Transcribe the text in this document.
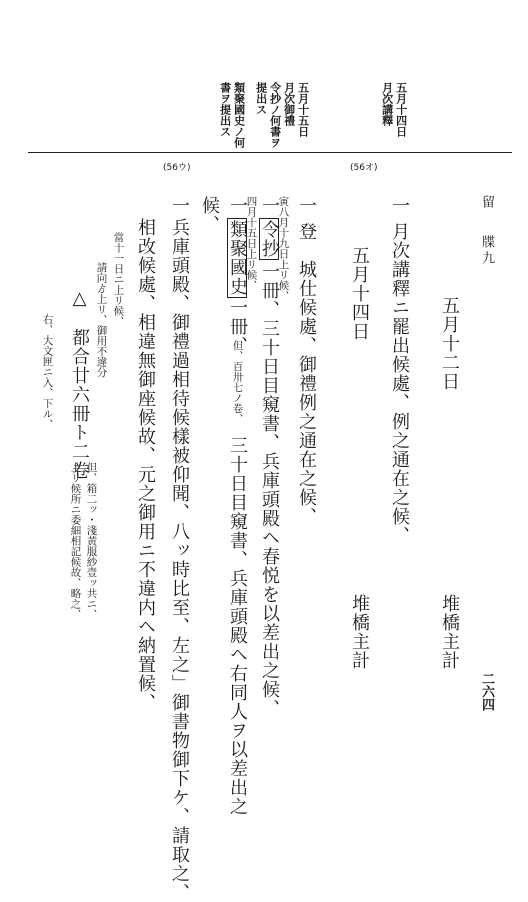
五月十四日
月次講釋
五月十五日
月次御禮
令抄ノ何書ヲ
提出ス
類聚國史ノ何
書ヲ提出ス
(56ウ)	(56オ)
留
牒九
二六四
五月十二日
堆橋主計
一
月次講釋ニ罷出候處、例之通在之候、
五月十四日
堆橋主計
一
登　城仕候處、御禮例之通在之候、
寅八月十九日上リ候、
一
令抄
一冊、三十日目窺書、兵庫頭殿ヘ春悦を以差出之候、
四月十五日上リ候、
一
類聚國史
一冊、
但、百卅七ノ卷、
三十日目窺書、兵庫頭殿ヘ右同人ヲ以差出之
候、
一
兵庫頭殿、御禮過相待候樣被仰聞、八ッ時比至、左之」御書物御下ケ、請取之、
相改候處、相違無御座候故、元之御用ニ不違内ヘ納置候、
當十一日ニ上リ候、
請向ゟ上リ、御用不違分
△
都合廿六冊ト二卷
但、箱二ッ・淺黄服紗壹ッ共ニ、
上リ候所ニ委細相記候故、略之、
右、大文匣ニ入、下ル、
